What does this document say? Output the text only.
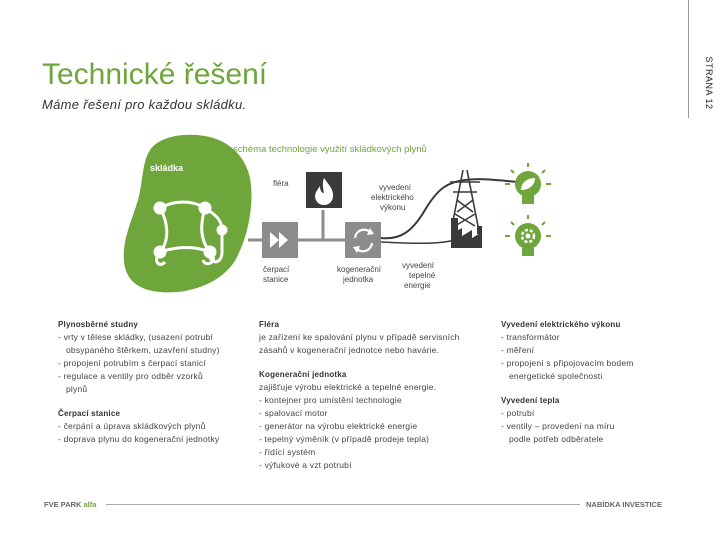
STRANA 12
Technické řešení
Máme řešení pro každou skládku.
skládka
schéma technologie využití skládkových plynů
čerpací stanice
fléra
kogenerační jednotka
vyvedení elektrického výkonu
vyvedení tepelné energie
Plynosběrné studny
- vrty v tělese skládky, (usazení potrubí
obsypaného štěrkem, uzavření studny)
- propojení potrubím s čerpací stanicí
- regulace a ventily pro odběr vzorků
plynů
Čerpací stanice
- čerpání a úprava skládkových plynů
- doprava plynu do kogenerační jednotky
Fléra
je zařízení ke spalování plynu v případě servisních
zásahů v kogenerační jednotce nebo havárie.
Kogenerační jednotka
zajišťuje výrobu elektrické a tepelné energie.
- kontejner pro umístění technologie
- spalovací motor
- generátor na výrobu elektrické energie
- tepelný výměník (v případě prodeje tepla)
- řídící systém
- výfukové a vzt potrubí
Vyvedení elektrického výkonu
- transformátor
- měření
- propojení s připojovacím bodem
energetické společnosti
Vyvedení tepla
- potrubí
- ventily – provedení na míru
podle potřeb odběratele
FVE PARK alfa	NABÍDKA INVESTICE
